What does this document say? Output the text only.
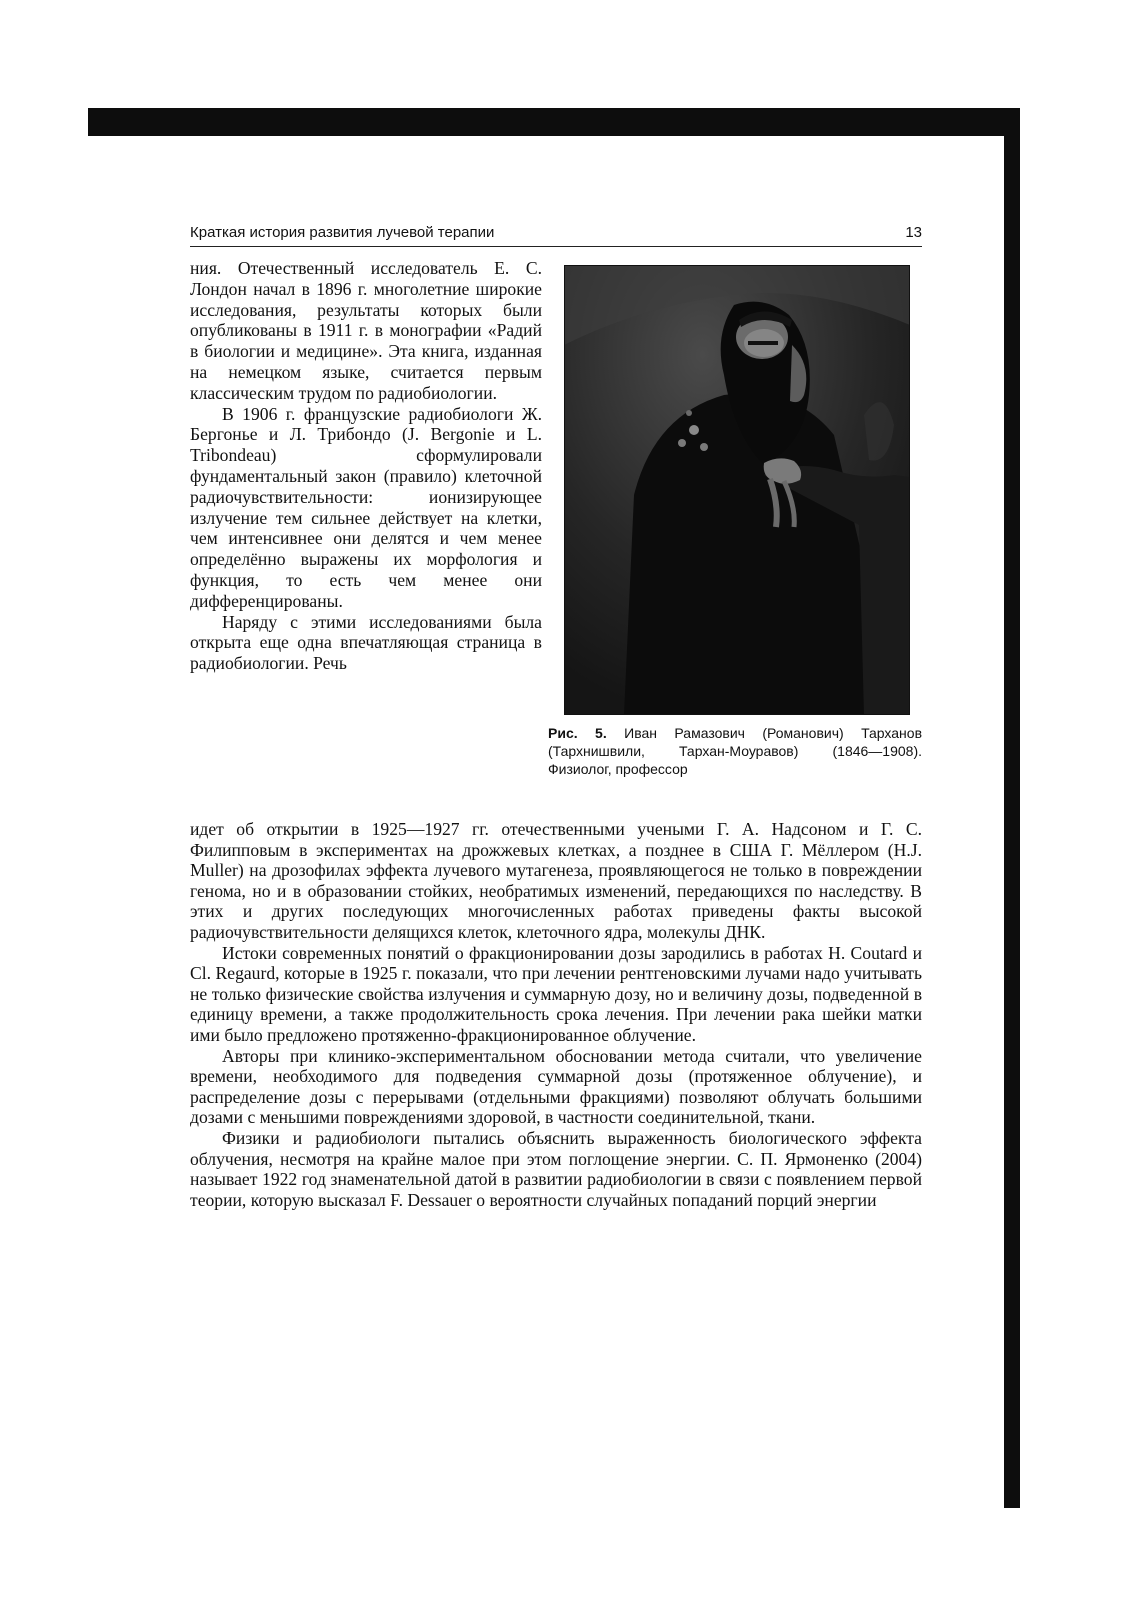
Краткая история развития лучевой терапии	13

ния. Отечественный исследователь Е. С. Лондон начал в 1896 г. многолетние широкие исследования, результаты которых были опубликованы в 1911 г. в монографии «Радий в биологии и медицине». Эта книга, изданная на немецком языке, считается первым классическим трудом по радиобиологии.

В 1906 г. французские радиобиологи Ж. Бергонье и Л. Трибондо (J. Bergonie и L. Tribondeau) сформулировали фундаментальный закон (правило) клеточной радиочувствительности: ионизирующее излучение тем сильнее действует на клетки, чем интенсивнее они делятся и чем менее определённо выражены их морфология и функция, то есть чем менее они дифференцированы.

Наряду с этими исследованиями была открыта еще одна впечатляющая страница в радиобиологии. Речь

Рис. 5. Иван Рамазович (Романович) Тарханов (Тархнишвили, Тархан-Моуравов) (1846—1908). Физиолог, профессор

идет об открытии в 1925—1927 гг. отечественными учеными Г. А. Надсоном и Г. С. Филипповым в экспериментах на дрожжевых клетках, а позднее в США Г. Мёллером (H.J. Muller) на дрозофилах эффекта лучевого мутагенеза, проявляющегося не только в повреждении генома, но и в образовании стойких, необратимых изменений, передающихся по наследству. В этих и других последующих многочисленных работах приведены факты высокой радиочувствительности делящихся клеток, клеточного ядра, молекулы ДНК.

Истоки современных понятий о фракционировании дозы зародились в работах H. Coutard и Cl. Regaurd, которые в 1925 г. показали, что при лечении рентгеновскими лучами надо учитывать не только физические свойства излучения и суммарную дозу, но и величину дозы, подведенной в единицу времени, а также продолжительность срока лечения. При лечении рака шейки матки ими было предложено протяженно-фракционированное облучение.

Авторы при клинико-экспериментальном обосновании метода считали, что увеличение времени, необходимого для подведения суммарной дозы (протяженное облучение), и распределение дозы с перерывами (отдельными фракциями) позволяют облучать большими дозами с меньшими повреждениями здоровой, в частности соединительной, ткани.

Физики и радиобиологи пытались объяснить выраженность биологического эффекта облучения, несмотря на крайне малое при этом поглощение энергии. С. П. Ярмоненко (2004) называет 1922 год знаменательной датой в развитии радиобиологии в связи с появлением первой теории, которую высказал F. Dessauer о вероятности случайных попаданий порций энергии
